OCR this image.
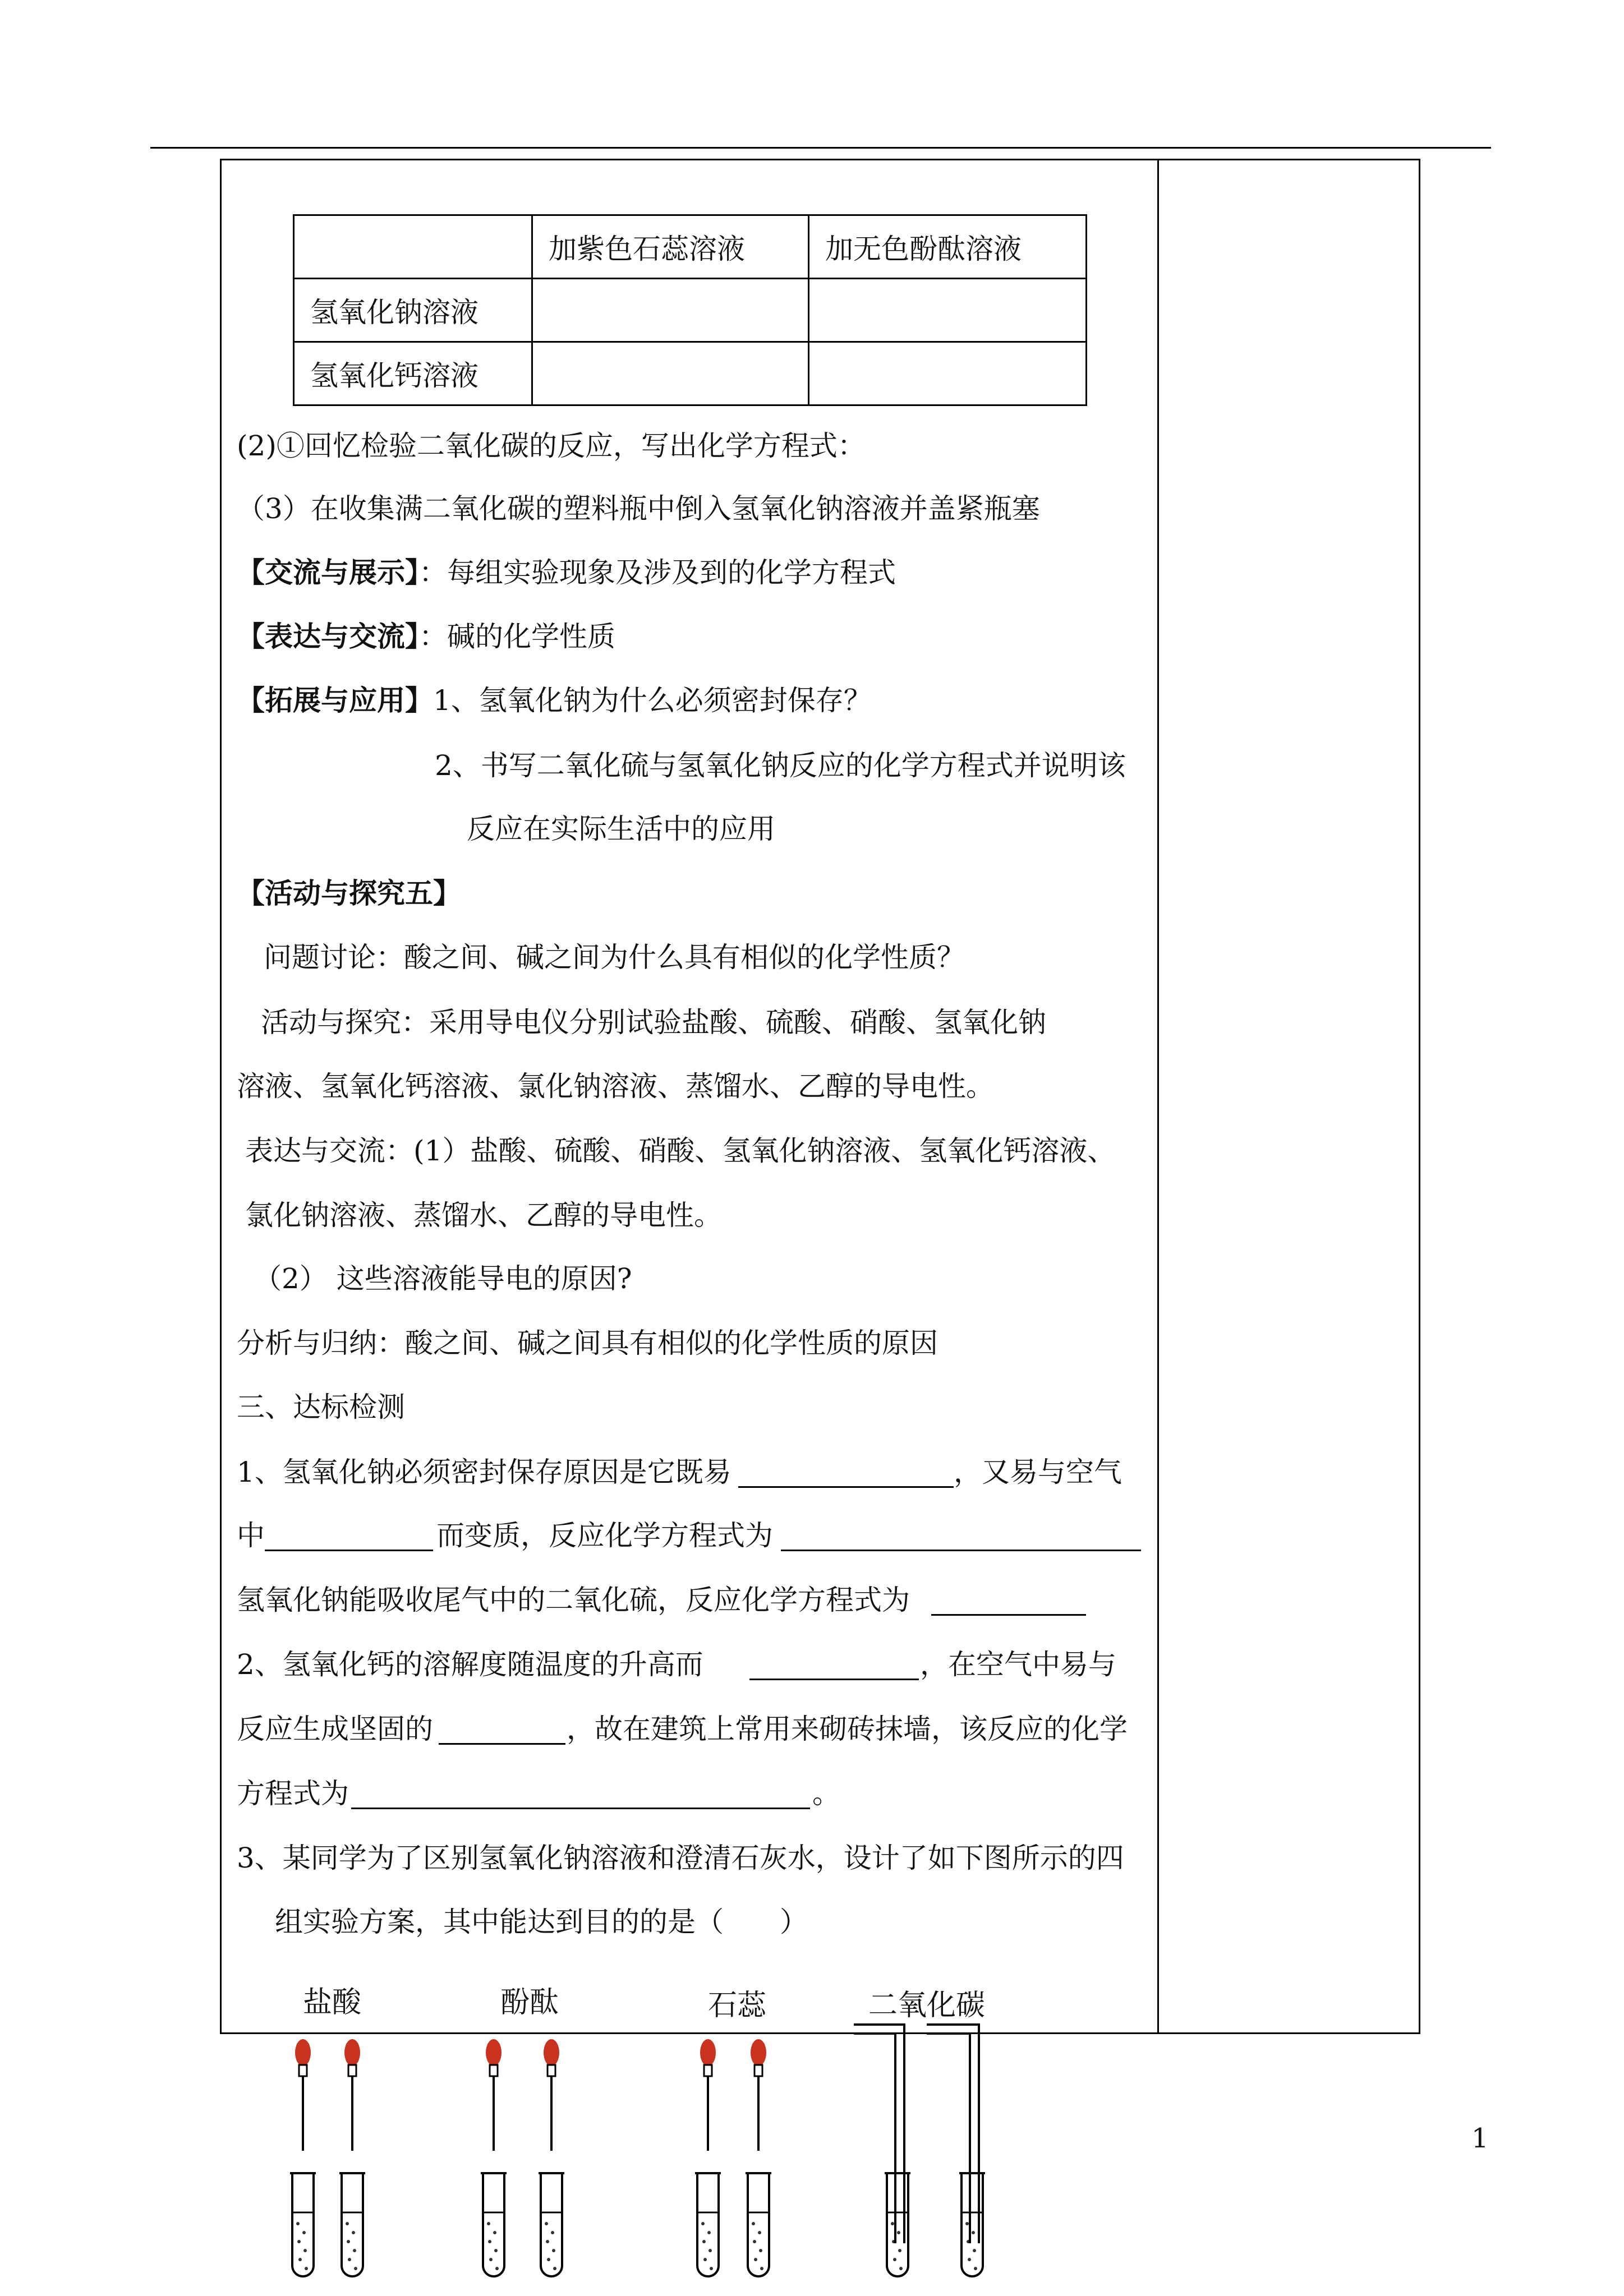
	加紫色石蕊溶液	加无色酚酞溶液
氢氧化钠溶液		
氢氧化钙溶液		
(2)①回忆检验二氧化碳的反应，写出化学方程式：
（3）在收集满二氧化碳的塑料瓶中倒入氢氧化钠溶液并盖紧瓶塞
【交流与展示】：每组实验现象及涉及到的化学方程式
【表达与交流】：碱的化学性质
【拓展与应用】1、氢氧化钠为什么必须密封保存？
2、书写二氧化硫与氢氧化钠反应的化学方程式并说明该
反应在实际生活中的应用
【活动与探究五】
问题讨论：酸之间、碱之间为什么具有相似的化学性质？
活动与探究：采用导电仪分别试验盐酸、硫酸、硝酸、氢氧化钠
溶液、氢氧化钙溶液、氯化钠溶液、蒸馏水、乙醇的导电性。
表达与交流：(1）盐酸、硫酸、硝酸、氢氧化钠溶液、氢氧化钙溶液、
氯化钠溶液、蒸馏水、乙醇的导电性。
（2） 这些溶液能导电的原因?
分析与归纳：酸之间、碱之间具有相似的化学性质的原因
三、达标检测
1、氢氧化钠必须密封保存原因是它既易	，又易与空气
中	而变质，反应化学方程式为
氢氧化钠能吸收尾气中的二氧化硫，反应化学方程式为
2、氢氧化钙的溶解度随温度的升高而	，在空气中易与
反应生成坚固的	，故在建筑上常用来砌砖抹墙，该反应的化学
方程式为	。
3、某同学为了区别氢氧化钠溶液和澄清石灰水，设计了如下图所示的四
组实验方案，其中能达到目的的是（　　）
盐酸	酚酞	石蕊	二氧化碳
1
